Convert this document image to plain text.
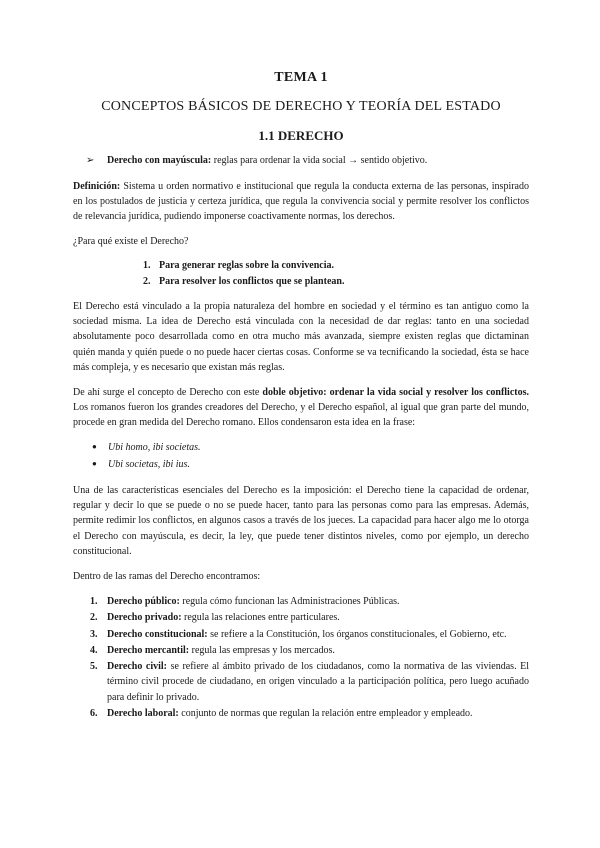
TEMA 1
CONCEPTOS BÁSICOS DE DERECHO Y TEORÍA DEL ESTADO
1.1 DERECHO
➢ Derecho con mayúscula: reglas para ordenar la vida social → sentido objetivo.

Definición: Sistema u orden normativo e institucional que regula la conducta externa de las personas, inspirado en los postulados de justicia y certeza jurídica, que regula la convivencia social y permite resolver los conflictos de relevancia jurídica, pudiendo imponerse coactivamente normas, los derechos.

¿Para qué existe el Derecho?

1. Para generar reglas sobre la convivencia.
2. Para resolver los conflictos que se plantean.

El Derecho está vinculado a la propia naturaleza del hombre en sociedad y el término es tan antiguo como la sociedad misma. La idea de Derecho está vinculada con la necesidad de dar reglas: tanto en una sociedad absolutamente poco desarrollada como en otra mucho más avanzada, siempre existen reglas que dictaminan quién manda y quién puede o no puede hacer ciertas cosas. Conforme se va tecnificando la sociedad, ésta se hace más compleja, y es necesario que existan más reglas.

De ahí surge el concepto de Derecho con este doble objetivo: ordenar la vida social y resolver los conflictos. Los romanos fueron los grandes creadores del Derecho, y el Derecho español, al igual que gran parte del mundo, procede en gran medida del Derecho romano. Ellos condensaron esta idea en la frase:

● Ubi homo, ibi societas.
● Ubi societas, ibi ius.

Una de las características esenciales del Derecho es la imposición: el Derecho tiene la capacidad de ordenar, regular y decir lo que se puede o no se puede hacer, tanto para las personas como para las empresas. Además, permite redimir los conflictos, en algunos casos a través de los jueces. La capacidad para hacer algo me lo otorga el Derecho con mayúscula, es decir, la ley, que puede tener distintos niveles, como por ejemplo, un derecho constitucional.

Dentro de las ramas del Derecho encontramos:

1. Derecho público: regula cómo funcionan las Administraciones Públicas.
2. Derecho privado: regula las relaciones entre particulares.
3. Derecho constitucional: se refiere a la Constitución, los órganos constitucionales, el Gobierno, etc.
4. Derecho mercantil: regula las empresas y los mercados.
5. Derecho civil: se refiere al ámbito privado de los ciudadanos, como la normativa de las viviendas. El término civil procede de ciudadano, en origen vinculado a la participación política, pero luego acuñado para definir lo privado.
6. Derecho laboral: conjunto de normas que regulan la relación entre empleador y empleado.
